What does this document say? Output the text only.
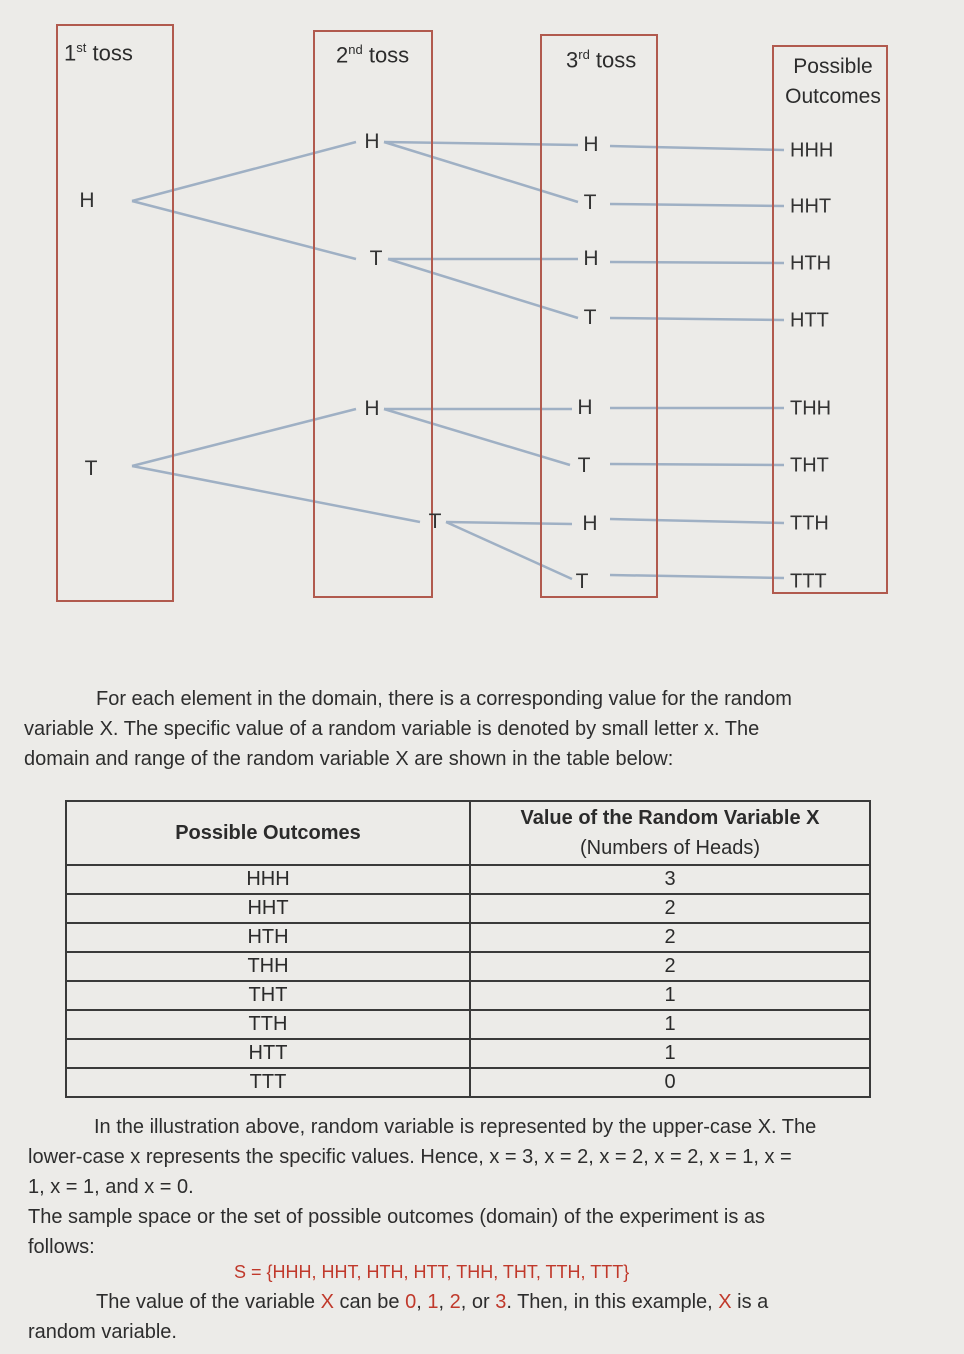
1st toss	2nd toss	3rd toss	Possible
Outcomes
H
T
H
T
H
T
H
T
H
T
H
T
H
T
HHH
HHT
HTH
HTT
THH
THT
TTH
TTT
For each element in the domain, there is a corresponding value for the random
variable X. The specific value of a random variable is denoted by small letter x. The
domain and range of the random variable X are shown in the table below:
Possible Outcomes	Value of the Random Variable X
(Numbers of Heads)

HHH	3
HHT	2
HTH	2
THH	2
THT	1
TTH	1
HTT	1
TTT	0
In the illustration above, random variable is represented by the upper-case X. The
lower-case x represents the specific values. Hence, x = 3, x = 2, x = 2, x = 2, x = 1, x =
1, x = 1, and x = 0.
The sample space or the set of possible outcomes (domain) of the experiment is as
follows:
S = {HHH, HHT, HTH, HTT, THH, THT, TTH, TTT}
The value of the variable X can be 0, 1, 2, or 3. Then, in this example, X is a
random variable.
